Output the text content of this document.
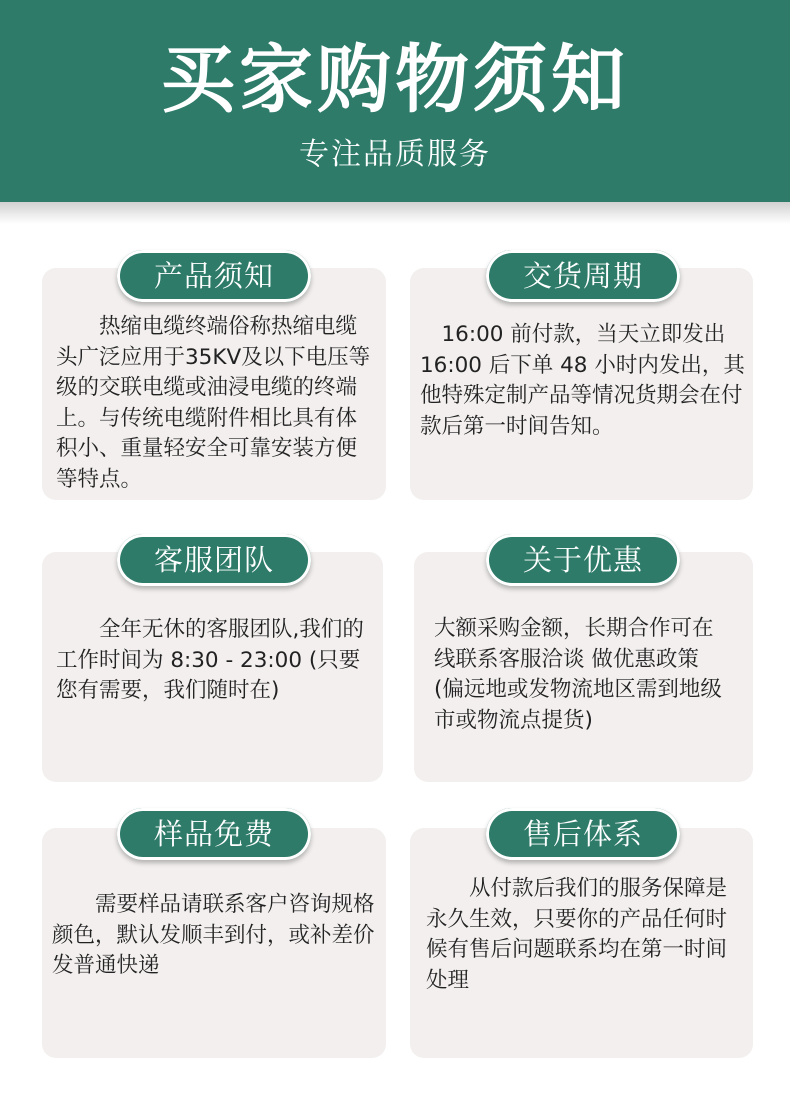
买家购物须知
专注品质服务
热缩电缆终端俗称热缩电缆头广泛应用于35KV及以下电压等级的交联电缆或油浸电缆的终端上。与传统电缆附件相比具有体积小、重量轻安全可靠安装方便等特点。
产品须知
16:00 前付款，当天立即发出 16:00 后下单 48 小时内发出，其他特殊定制产品等情况货期会在付款后第一时间告知。
交货周期
全年无休的客服团队,我们的工作时间为 8:30 - 23:00 (只要您有需要，我们随时在)
客服团队
大额采购金额，长期合作可在线联系客服洽谈 做优惠政策 (偏远地或发物流地区需到地级市或物流点提货)
关于优惠
需要样品请联系客户咨询规格颜色，默认发顺丰到付，或补差价发普通快递
样品免费
从付款后我们的服务保障是永久生效，只要你的产品任何时候有售后问题联系均在第一时间处理
售后体系
